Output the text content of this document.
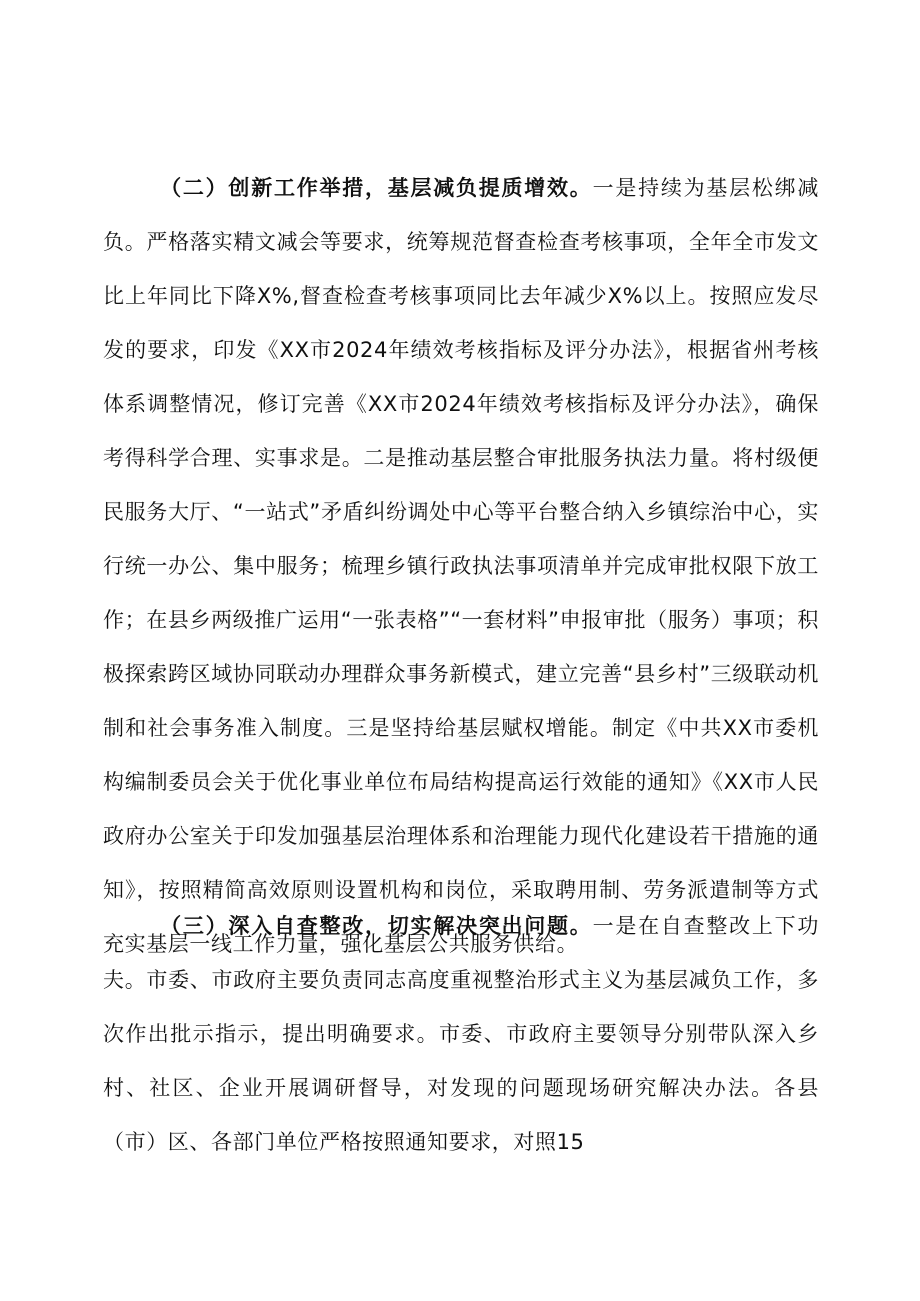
（二）创新工作举措，基层减负提质增效。一是持续为基层松绑减负。严格落实精文减会等要求，统筹规范督查检查考核事项，全年全市发文比上年同比下降X%,督查检查考核事项同比去年减少X%以上。按照应发尽发的要求，印发《XX市2024年绩效考核指标及评分办法》，根据省州考核体系调整情况，修订完善《XX市2024年绩效考核指标及评分办法》，确保考得科学合理、实事求是。二是推动基层整合审批服务执法力量。将村级便民服务大厅、“一站式”矛盾纠纷调处中心等平台整合纳入乡镇综治中心，实行统一办公、集中服务；梳理乡镇行政执法事项清单并完成审批权限下放工作；在县乡两级推广运用“一张表格”“一套材料”申报审批（服务）事项；积极探索跨区域协同联动办理群众事务新模式，建立完善“县乡村”三级联动机制和社会事务准入制度。三是坚持给基层赋权增能。制定《中共XX市委机构编制委员会关于优化事业单位布局结构提高运行效能的通知》《XX市人民政府办公室关于印发加强基层治理体系和治理能力现代化建设若干措施的通知》，按照精简高效原则设置机构和岗位，采取聘用制、劳务派遣制等方式充实基层一线工作力量，强化基层公共服务供给。

（三）深入自查整改，切实解决突出问题。一是在自查整改上下功夫。市委、市政府主要负责同志高度重视整治形式主义为基层减负工作，多次作出批示指示，提出明确要求。市委、市政府主要领导分别带队深入乡村、社区、企业开展调研督导，对发现的问题现场研究解决办法。各县（市）区、各部门单位严格按照通知要求，对照15
